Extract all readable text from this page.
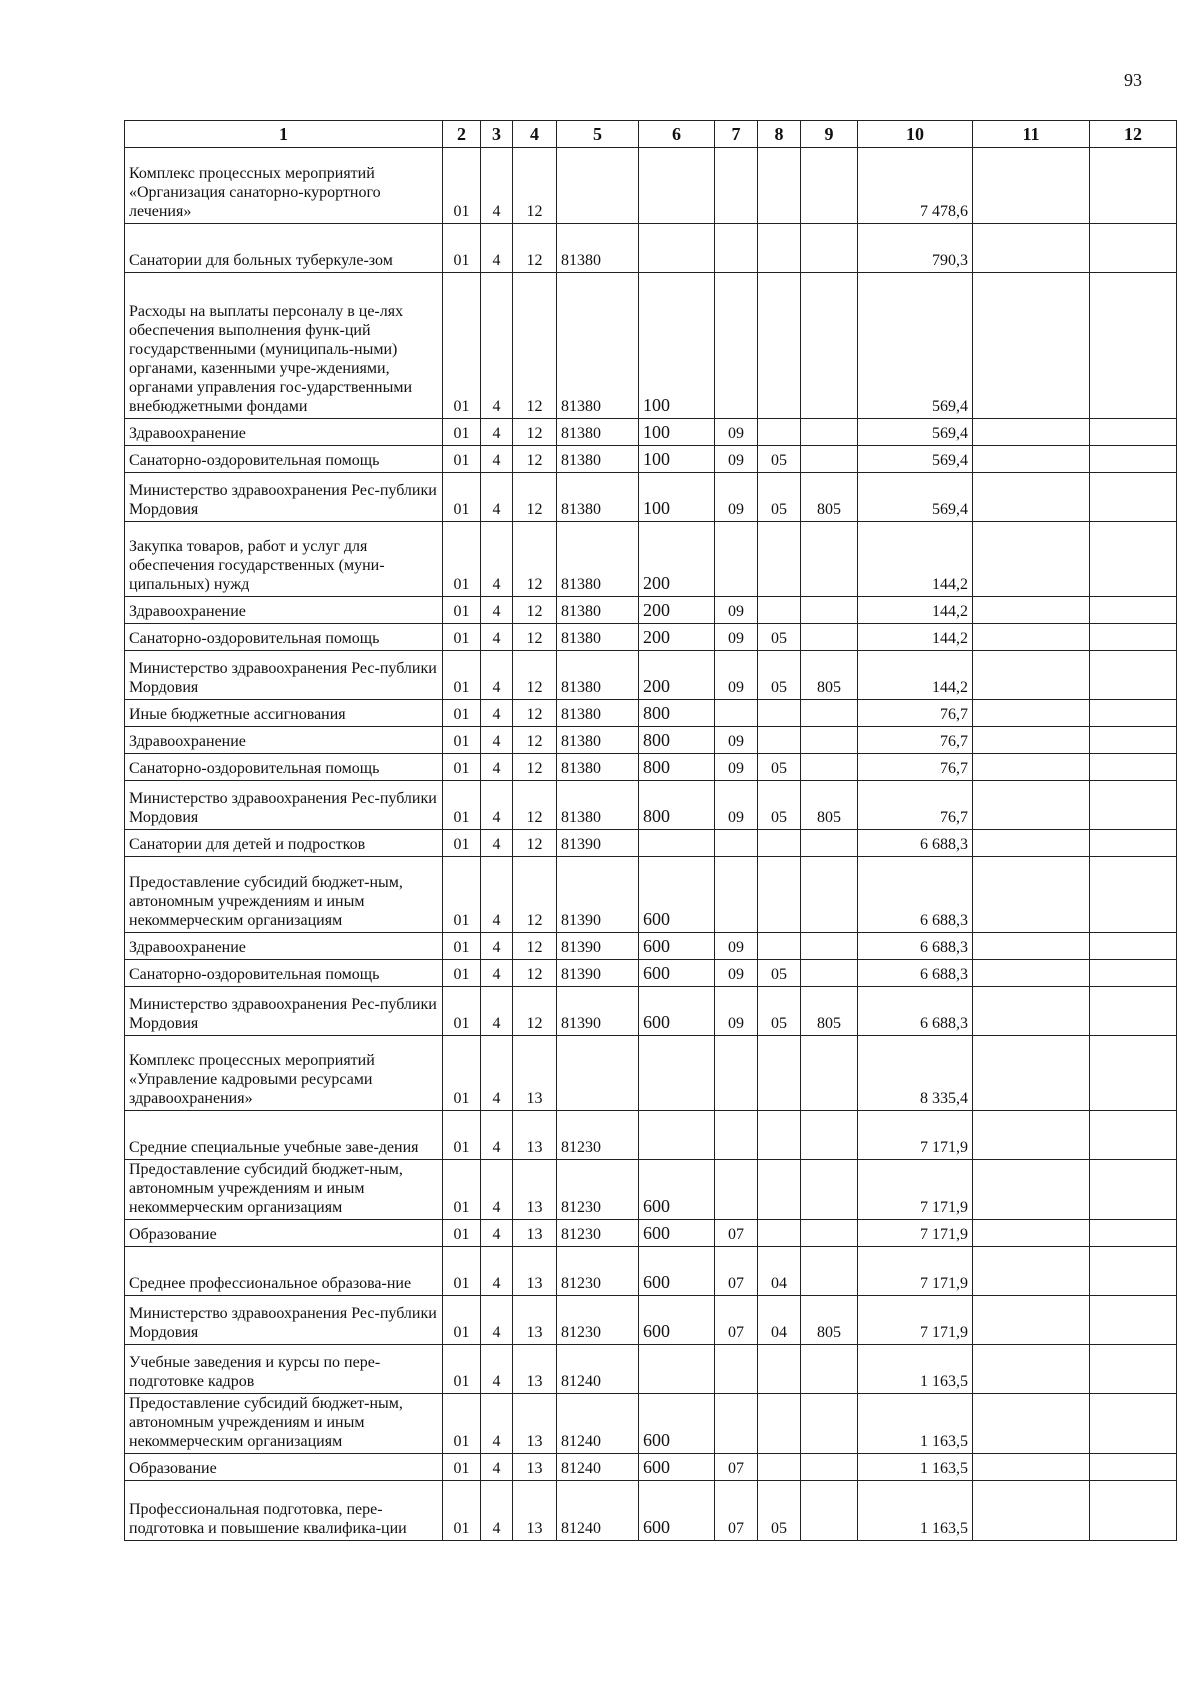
93
1	2	3	4	5	6	7	8	9	10	11	12
Комплекс процессных мероприятий «Организация санаторно-курортного лечения»	01	4	12						7 478,6		
Санатории для больных туберкуле-зом	01	4	12	81380					790,3		
Расходы на выплаты персоналу в це-лях обеспечения выполнения функ-ций государственными (муниципаль-ными) органами, казенными учре-ждениями, органами управления гос-ударственными внебюджетными фондами	01	4	12	81380	100				569,4		
Здравоохранение	01	4	12	81380	100	09			569,4		
Санаторно-оздоровительная помощь	01	4	12	81380	100	09	05		569,4		
Министерство здравоохранения Рес-публики Мордовия	01	4	12	81380	100	09	05	805	569,4		
Закупка товаров, работ и услуг для обеспечения государственных (муни-ципальных) нужд	01	4	12	81380	200				144,2		
Здравоохранение	01	4	12	81380	200	09			144,2		
Санаторно-оздоровительная помощь	01	4	12	81380	200	09	05		144,2		
Министерство здравоохранения Рес-публики Мордовия	01	4	12	81380	200	09	05	805	144,2		
Иные бюджетные ассигнования	01	4	12	81380	800				76,7		
Здравоохранение	01	4	12	81380	800	09			76,7		
Санаторно-оздоровительная помощь	01	4	12	81380	800	09	05		76,7		
Министерство здравоохранения Рес-публики Мордовия	01	4	12	81380	800	09	05	805	76,7		
Санатории для детей и подростков	01	4	12	81390					6 688,3		
Предоставление субсидий бюджет-ным, автономным учреждениям и иным некоммерческим организациям	01	4	12	81390	600				6 688,3		
Здравоохранение	01	4	12	81390	600	09			6 688,3		
Санаторно-оздоровительная помощь	01	4	12	81390	600	09	05		6 688,3		
Министерство здравоохранения Рес-публики Мордовия	01	4	12	81390	600	09	05	805	6 688,3		
Комплекс процессных мероприятий «Управление кадровыми ресурсами здравоохранения»	01	4	13						8 335,4		
Средние специальные учебные заве-дения	01	4	13	81230					7 171,9		
Предоставление субсидий бюджет-ным, автономным учреждениям и иным некоммерческим организациям	01	4	13	81230	600				7 171,9		
Образование	01	4	13	81230	600	07			7 171,9		
Среднее профессиональное образова-ние	01	4	13	81230	600	07	04		7 171,9		
Министерство здравоохранения Рес-публики Мордовия	01	4	13	81230	600	07	04	805	7 171,9		
Учебные заведения и курсы по пере-подготовке кадров	01	4	13	81240					1 163,5		
Предоставление субсидий бюджет-ным, автономным учреждениям и иным некоммерческим организациям	01	4	13	81240	600				1 163,5		
Образование	01	4	13	81240	600	07			1 163,5		
Профессиональная подготовка, пере-подготовка и повышение квалифика-ции	01	4	13	81240	600	07	05		1 163,5		
